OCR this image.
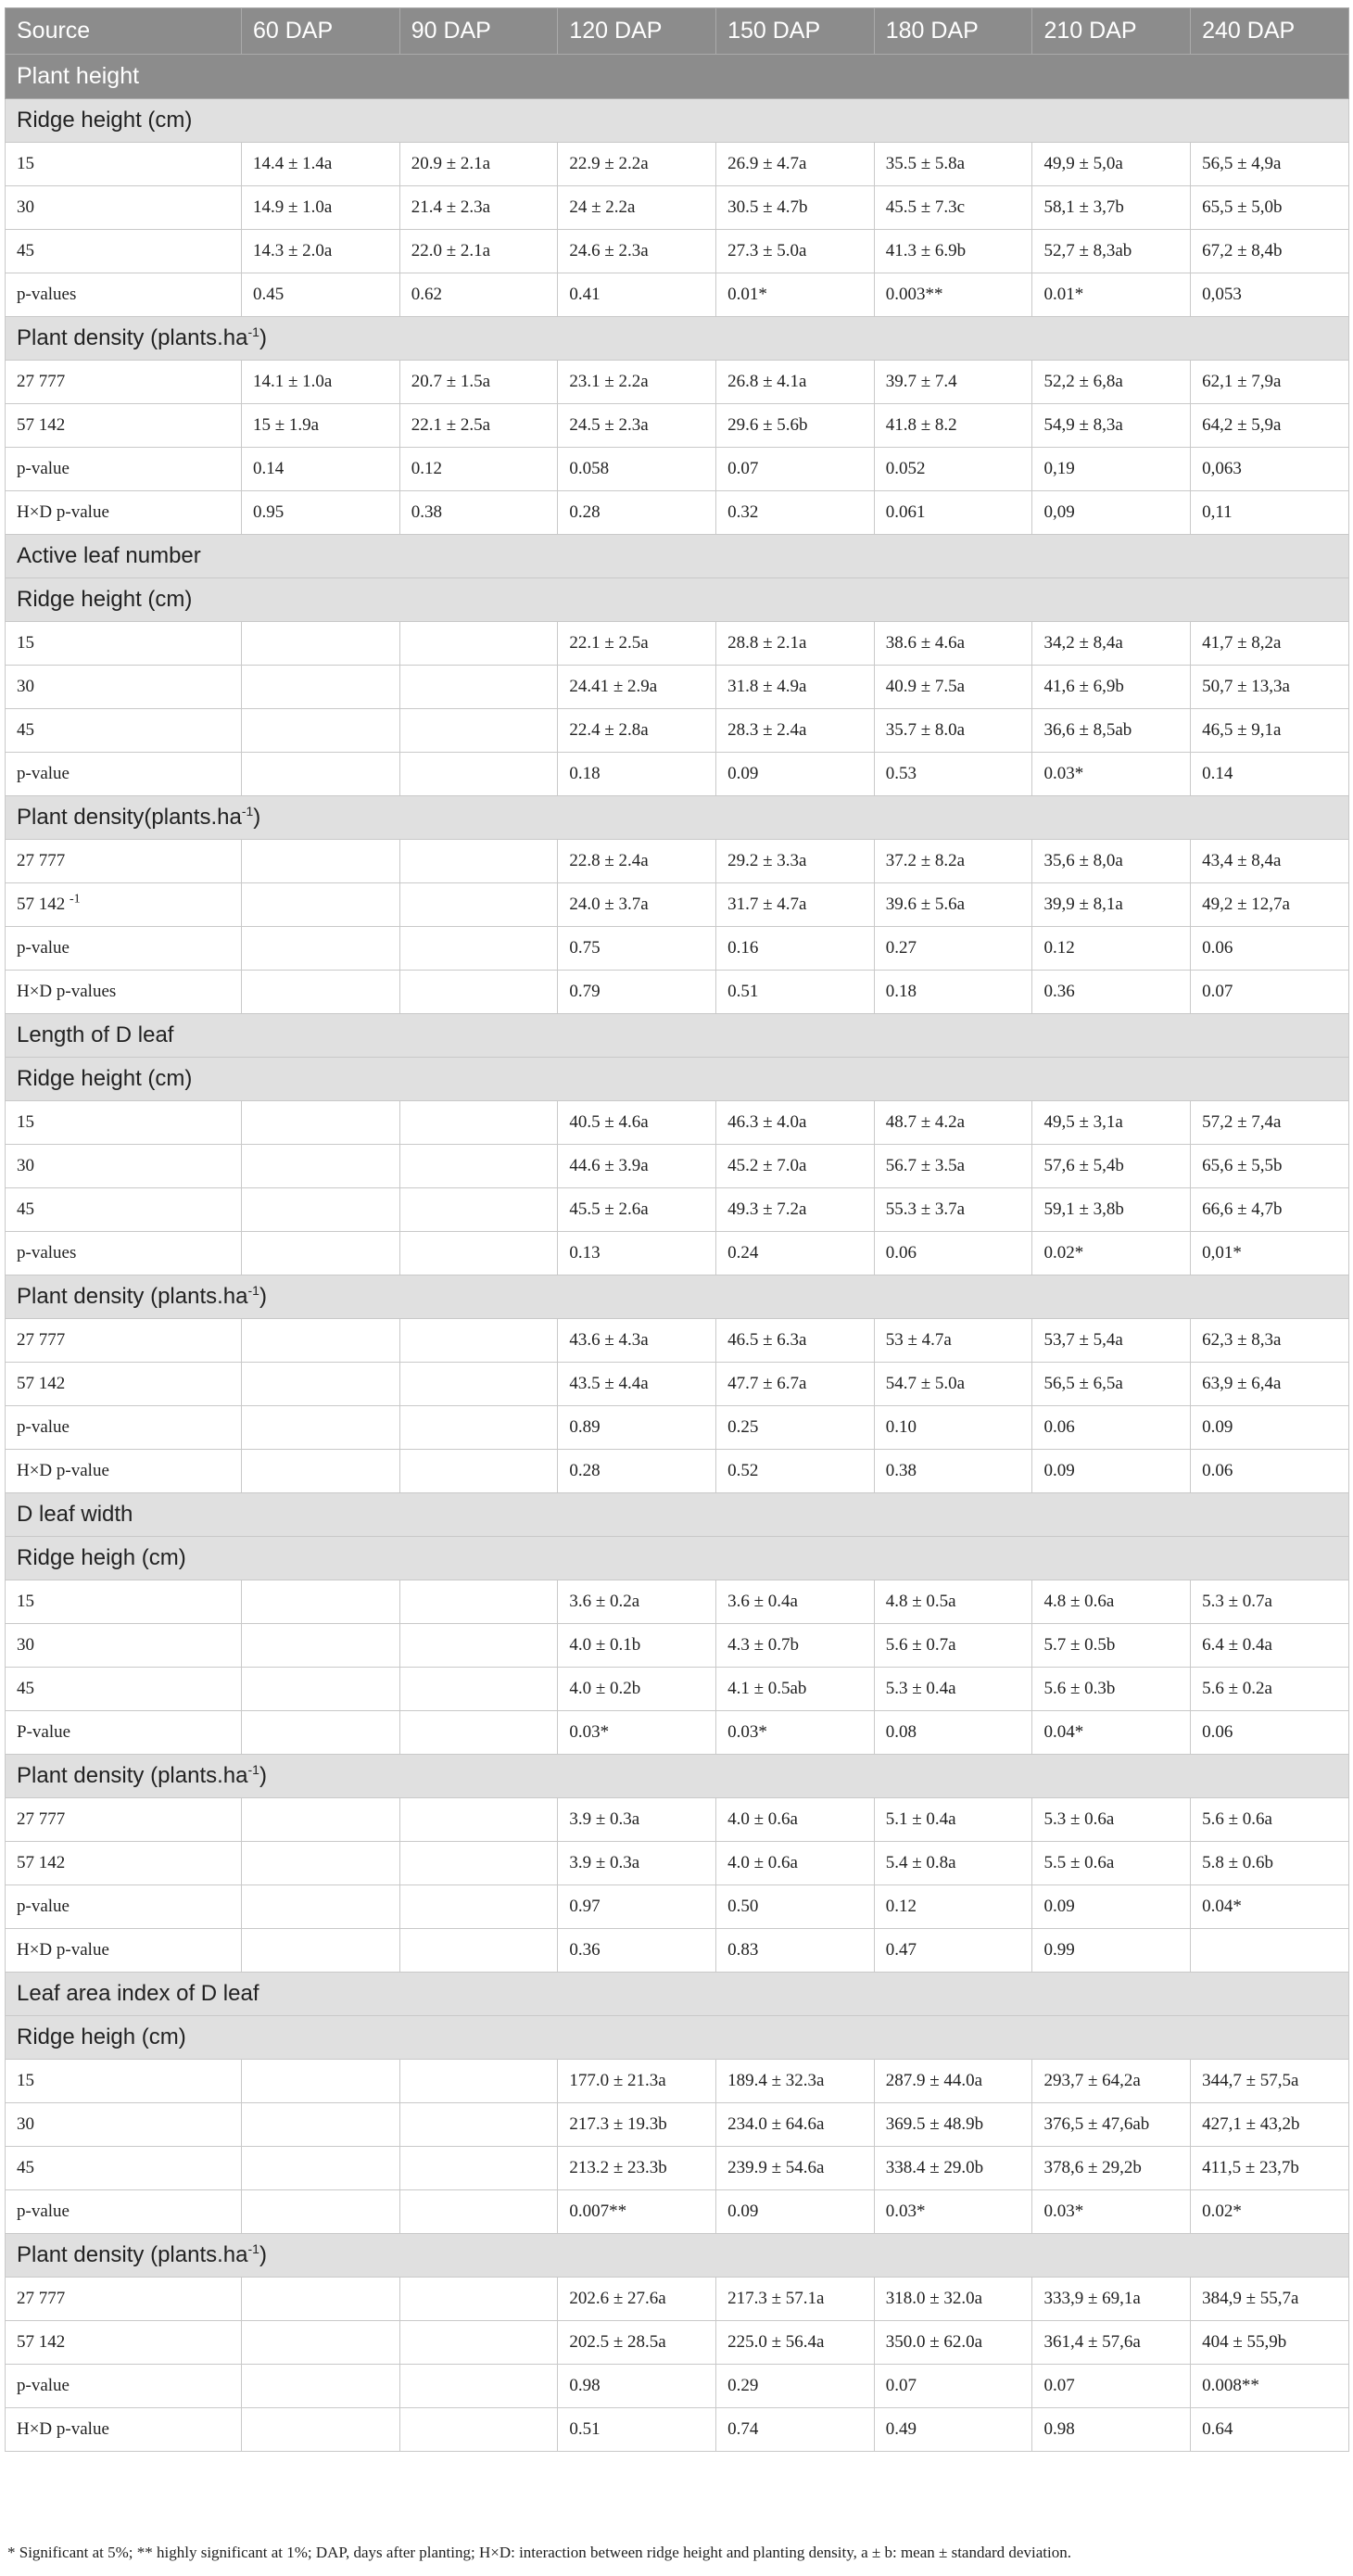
Source	60 DAP	90 DAP	120 DAP	150 DAP	180 DAP	210 DAP	240 DAP
Plant height							
Ridge height (cm)							
15	14.4 ± 1.4a	20.9 ± 2.1a	22.9 ± 2.2a	26.9 ± 4.7a	35.5 ± 5.8a	49,9 ± 5,0a	56,5 ± 4,9a
30	14.9 ± 1.0a	21.4 ± 2.3a	24 ± 2.2a	30.5 ± 4.7b	45.5 ± 7.3c	58,1 ± 3,7b	65,5 ± 5,0b
45	14.3 ± 2.0a	22.0 ± 2.1a	24.6 ± 2.3a	27.3 ± 5.0a	41.3 ± 6.9b	52,7 ± 8,3ab	67,2 ± 8,4b
p-values	0.45	0.62	0.41	0.01*	0.003**	0.01*	0,053
Plant density $(plants.ha^{-1})$							
27 777	14.1 ± 1.0a	20.7 ± 1.5a	23.1 ± 2.2a	26.8 ± 4.1a	39.7 ± 7.4	52,2 ± 6,8a	62,1 ± 7,9a
57 142	15 ± 1.9a	22.1 ± 2.5a	24.5 ± 2.3a	29.6 ± 5.6b	41.8 ± 8.2	54,9 ± 8,3a	64,2 ± 5,9a
p-value	0.14	0.12	0.058	0.07	0.052	0,19	0,063
H×D p-value	0.95	0.38	0.28	0.32	0.061	0,09	0,11
Active leaf number							
Ridge height (cm)							
15			22.1 ± 2.5a	28.8 ± 2.1a	38.6 ± 4.6a	34,2 ± 8,4a	41,7 ± 8,2a
30			24.41 ± 2.9a	31.8 ± 4.9a	40.9 ± 7.5a	41,6 ± 6,9b	50,7 ± 13,3a
45			22.4 ± 2.8a	28.3 ± 2.4a	35.7 ± 8.0a	36,6 ± 8,5ab	46,5 ± 9,1a
p-value			0.18	0.09	0.53	0.03*	0.14
Plant $density(plants.ha^{-1})$							
27 777			22.8 ± 2.4a	29.2 ± 3.3a	37.2 ± 8.2a	35,6 ± 8,0a	43,4 ± 8,4a
57 142 $^{-1}$			24.0 ± 3.7a	31.7 ± 4.7a	39.6 ± 5.6a	39,9 ± 8,1a	49,2 ± 12,7a
p-value			0.75	0.16	0.27	0.12	0.06
H×D p-values			0.79	0.51	0.18	0.36	0.07
Length of D leaf							
Ridge height (cm)							
15			40.5 ± 4.6a	46.3 ± 4.0a	48.7 ± 4.2a	49,5 ± 3,1a	57,2 ± 7,4a
30			44.6 ± 3.9a	45.2 ± 7.0a	56.7 ± 3.5a	57,6 ± 5,4b	65,6 ± 5,5b
45			45.5 ± 2.6a	49.3 ± 7.2a	55.3 ± 3.7a	59,1 ± 3,8b	66,6 ± 4,7b
p-values			0.13	0.24	0.06	0.02*	0,01*
Plant density $(plants.ha^{-1})$							
27 777			43.6 ± 4.3a	46.5 ± 6.3a	53 ± 4.7a	53,7 ± 5,4a	62,3 ± 8,3a
57 142			43.5 ± 4.4a	47.7 ± 6.7a	54.7 ± 5.0a	56,5 ± 6,5a	63,9 ± 6,4a
p-value			0.89	0.25	0.10	0.06	0.09
H×D p-value			0.28	0.52	0.38	0.09	0.06
D leaf width							
Ridge heigh (cm)							
15			3.6 ± 0.2a	3.6 ± 0.4a	4.8 ± 0.5a	4.8 ± 0.6a	5.3 ± 0.7a
30			4.0 ± 0.1b	4.3 ± 0.7b	5.6 ± 0.7a	5.7 ± 0.5b	6.4 ± 0.4a
45			4.0 ± 0.2b	4.1 ± 0.5ab	5.3 ± 0.4a	5.6 ± 0.3b	5.6 ± 0.2a
P-value			0.03*	0.03*	0.08	0.04*	0.06
Plant density $(plants.ha^{-1})$							
27 777			3.9 ± 0.3a	4.0 ± 0.6a	5.1 ± 0.4a	5.3 ± 0.6a	5.6 ± 0.6a
57 142			3.9 ± 0.3a	4.0 ± 0.6a	5.4 ± 0.8a	5.5 ± 0.6a	5.8 ± 0.6b
p-value			0.97	0.50	0.12	0.09	0.04*
H×D p-value			0.36	0.83	0.47	0.99	
Leaf area index of D leaf							
Ridge heigh (cm)							
15			177.0 ± 21.3a	189.4 ± 32.3a	287.9 ± 44.0a	293,7 ± 64,2a	344,7 ± 57,5a
30			217.3 ± 19.3b	234.0 ± 64.6a	369.5 ± 48.9b	376,5 ± 47,6ab	427,1 ± 43,2b
45			213.2 ± 23.3b	239.9 ± 54.6a	338.4 ± 29.0b	378,6 ± 29,2b	411,5 ± 23,7b
p-value			0.007**	0.09	0.03*	0.03*	0.02*
Plant density $(plants.ha^{-1})$							
27 777			202.6 ± 27.6a	217.3 ± 57.1a	318.0 ± 32.0a	333,9 ± 69,1a	384,9 ± 55,7a
57 142			202.5 ± 28.5a	225.0 ± 56.4a	350.0 ± 62.0a	361,4 ± 57,6a	404 ± 55,9b
p-value			0.98	0.29	0.07	0.07	0.008**
H×D p-value			0.51	0.74	0.49	0.98	0.64
* Significant at 5%; ** highly significant at 1%; DAP, days after planting; H×D: interaction between ridge height and planting density, a ± b: mean ± standard deviation.
